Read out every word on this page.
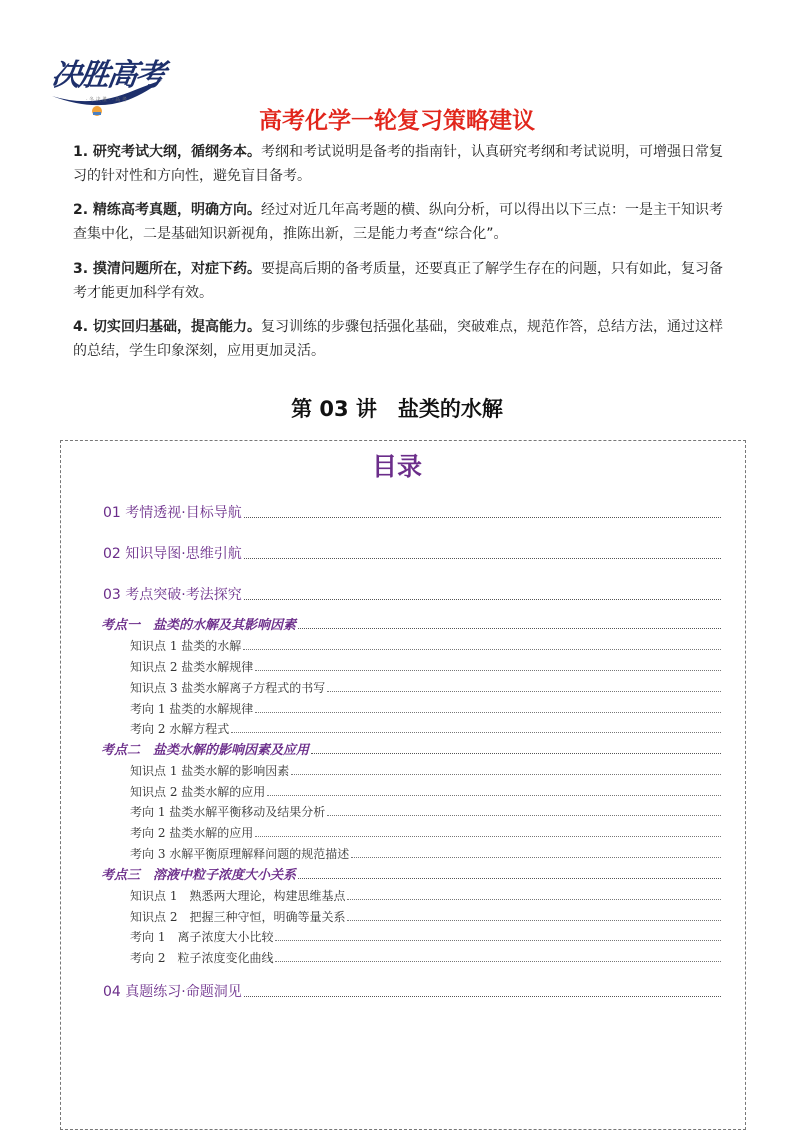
决胜高考
· 冬 决 胜 · · 高 考 ·
高考化学一轮复习策略建议
1. 研究考试大纲，循纲务本。考纲和考试说明是备考的指南针，认真研究考纲和考试说明，可增强日常复习的针对性和方向性，避免盲目备考。
2. 精练高考真题，明确方向。经过对近几年高考题的横、纵向分析，可以得出以下三点：一是主干知识考查集中化，二是基础知识新视角，推陈出新，三是能力考查“综合化”。
3. 摸清问题所在，对症下药。要提高后期的备考质量，还要真正了解学生存在的问题，只有如此，复习备考才能更加科学有效。
4. 切实回归基础，提高能力。复习训练的步骤包括强化基础，突破难点，规范作答，总结方法，通过这样的总结，学生印象深刻，应用更加灵活。
第 03 讲　盐类的水解
目录
01 考情透视·目标导航
02 知识导图·思维引航
03 考点突破·考法探究
考点一　盐类的水解及其影响因素
知识点 1 盐类的水解
知识点 2 盐类水解规律
知识点 3 盐类水解离子方程式的书写
考向 1 盐类的水解规律
考向 2 水解方程式
考点二　盐类水解的影响因素及应用
知识点 1 盐类水解的影响因素
知识点 2 盐类水解的应用
考向 1 盐类水解平衡移动及结果分析
考向 2 盐类水解的应用
考向 3 水解平衡原理解释问题的规范描述
考点三　溶液中粒子浓度大小关系
知识点 1　熟悉两大理论，构建思维基点
知识点 2　把握三种守恒，明确等量关系
考向 1　离子浓度大小比较
考向 2　粒子浓度变化曲线
04 真题练习·命题洞见
